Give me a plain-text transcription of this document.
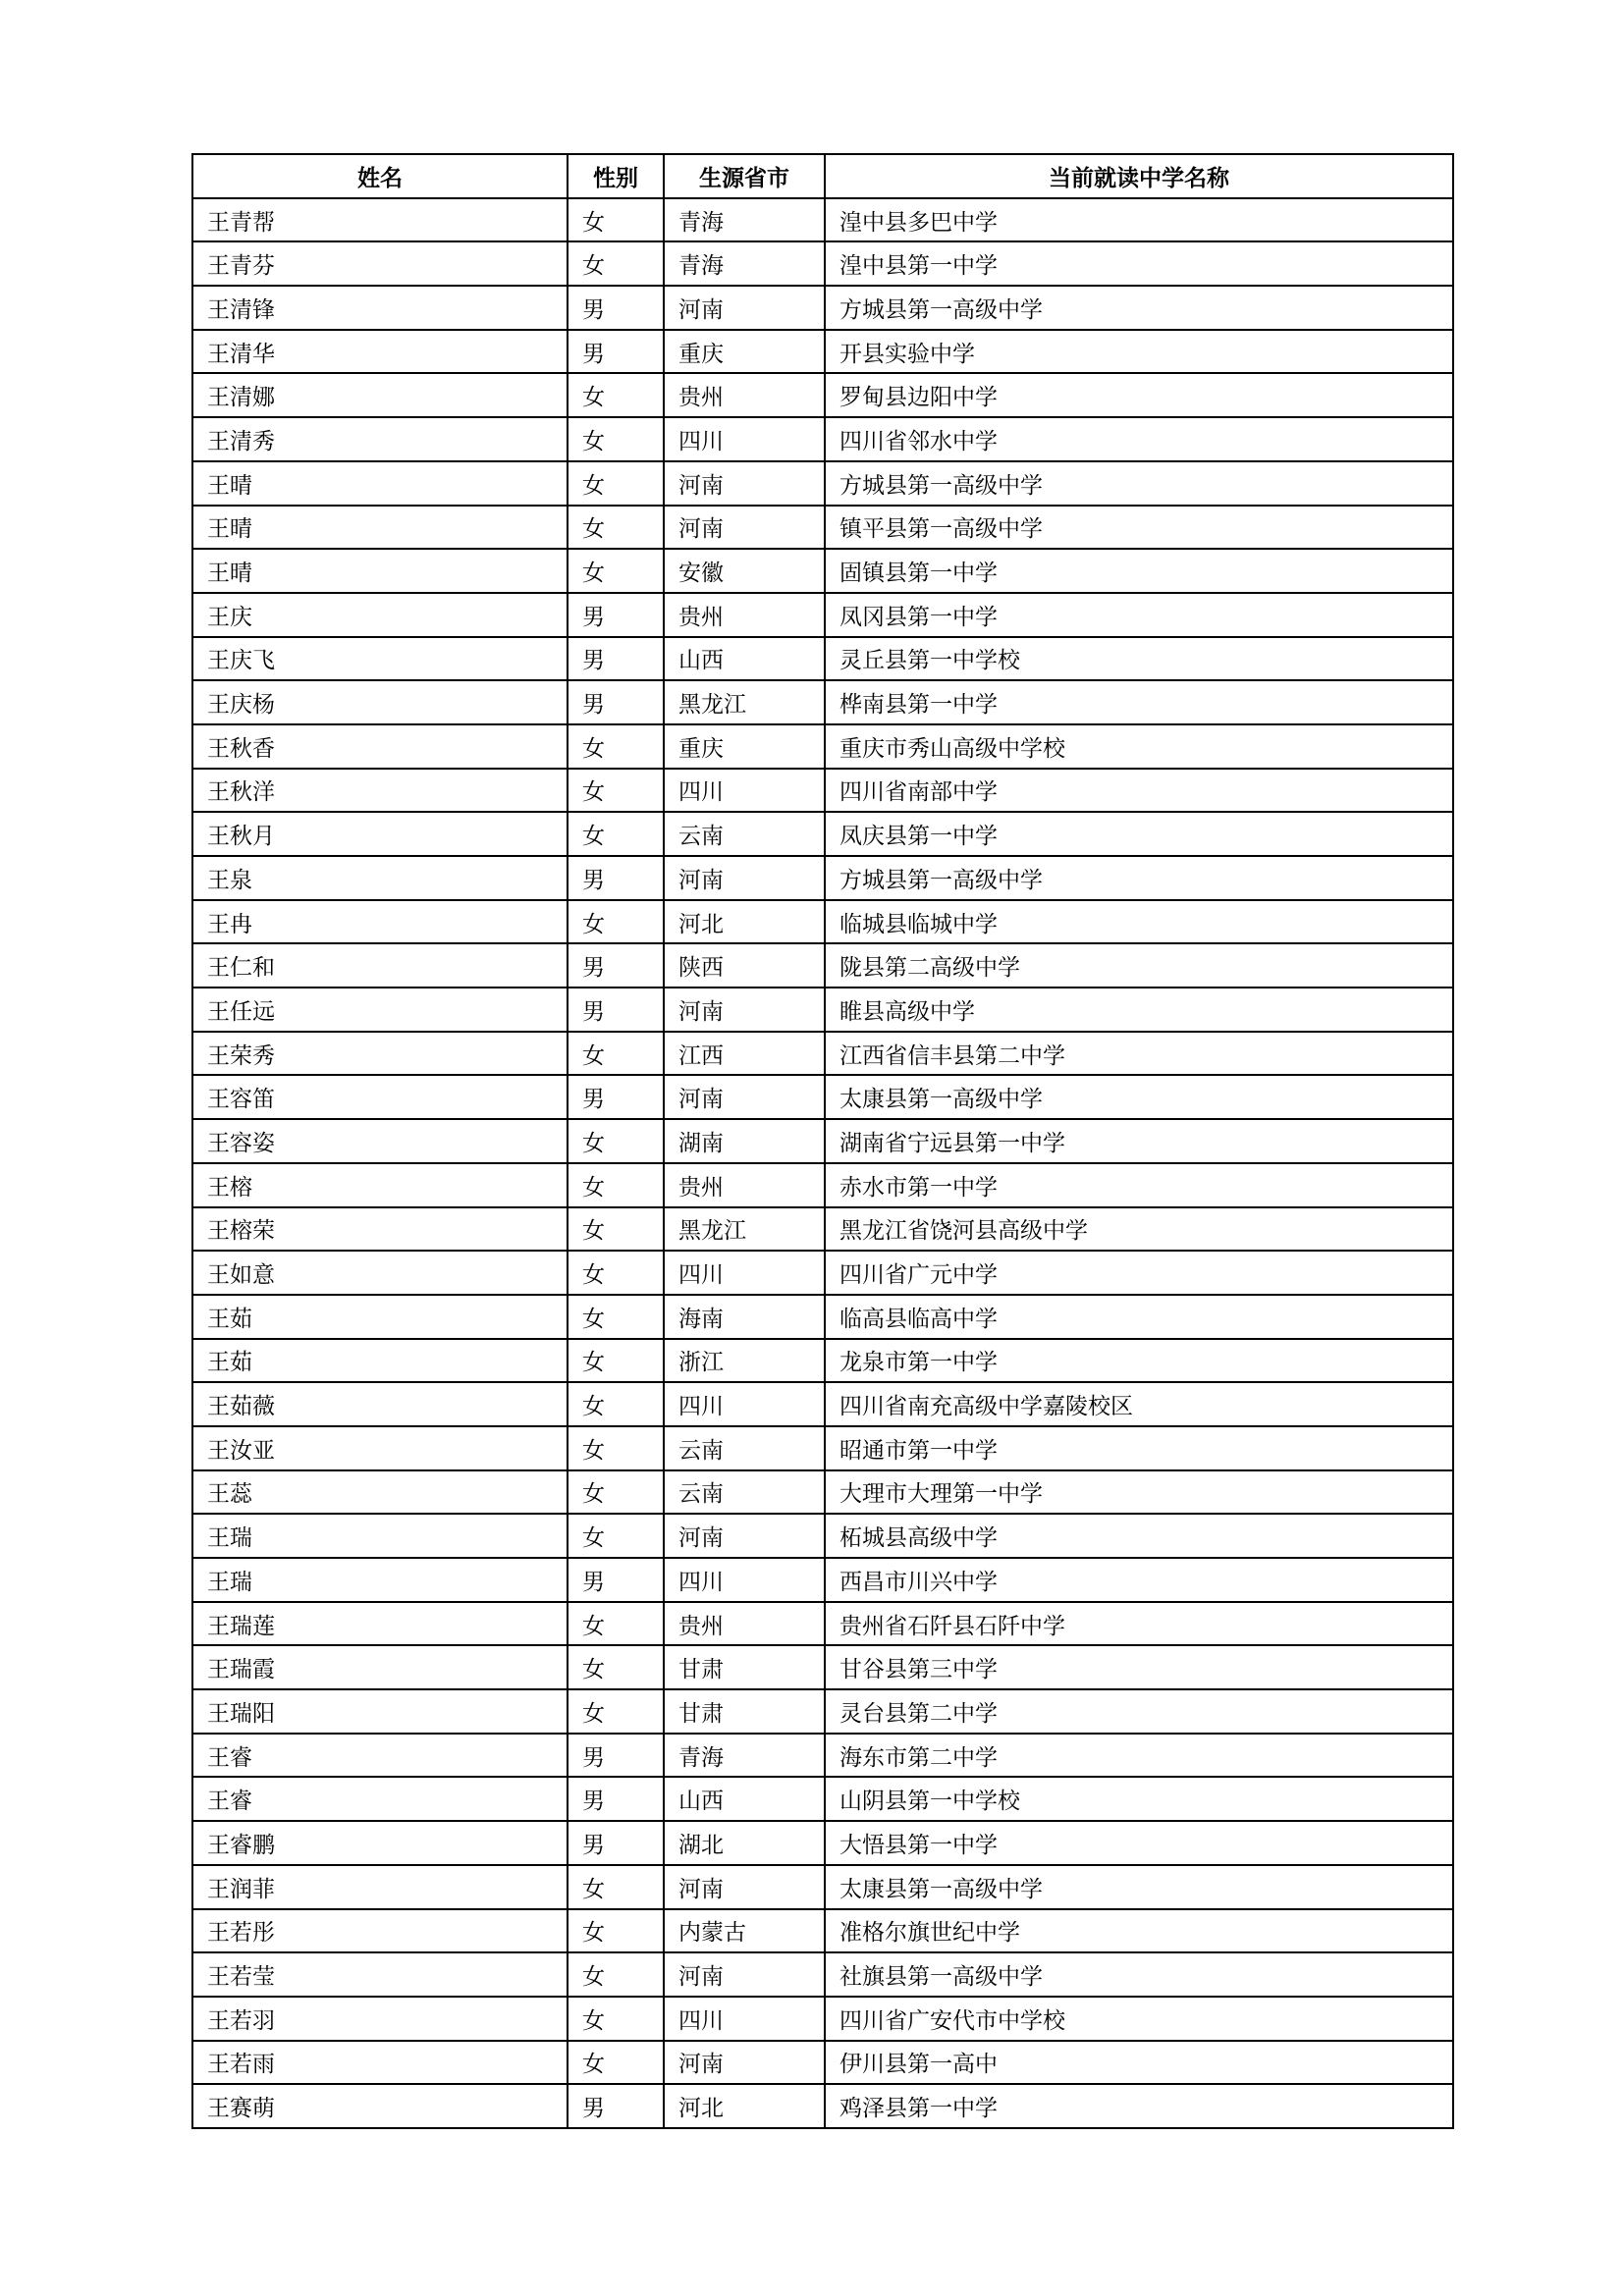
姓名	性别	生源省市	当前就读中学名称
王青帮	女	青海	湟中县多巴中学
王青芬	女	青海	湟中县第一中学
王清锋	男	河南	方城县第一高级中学
王清华	男	重庆	开县实验中学
王清娜	女	贵州	罗甸县边阳中学
王清秀	女	四川	四川省邻水中学
王晴	女	河南	方城县第一高级中学
王晴	女	河南	镇平县第一高级中学
王晴	女	安徽	固镇县第一中学
王庆	男	贵州	凤冈县第一中学
王庆飞	男	山西	灵丘县第一中学校
王庆杨	男	黑龙江	桦南县第一中学
王秋香	女	重庆	重庆市秀山高级中学校
王秋洋	女	四川	四川省南部中学
王秋月	女	云南	凤庆县第一中学
王泉	男	河南	方城县第一高级中学
王冉	女	河北	临城县临城中学
王仁和	男	陕西	陇县第二高级中学
王任远	男	河南	睢县高级中学
王荣秀	女	江西	江西省信丰县第二中学
王容笛	男	河南	太康县第一高级中学
王容姿	女	湖南	湖南省宁远县第一中学
王榕	女	贵州	赤水市第一中学
王榕荣	女	黑龙江	黑龙江省饶河县高级中学
王如意	女	四川	四川省广元中学
王茹	女	海南	临高县临高中学
王茹	女	浙江	龙泉市第一中学
王茹薇	女	四川	四川省南充高级中学嘉陵校区
王汝亚	女	云南	昭通市第一中学
王蕊	女	云南	大理市大理第一中学
王瑞	女	河南	柘城县高级中学
王瑞	男	四川	西昌市川兴中学
王瑞莲	女	贵州	贵州省石阡县石阡中学
王瑞霞	女	甘肃	甘谷县第三中学
王瑞阳	女	甘肃	灵台县第二中学
王睿	男	青海	海东市第二中学
王睿	男	山西	山阴县第一中学校
王睿鹏	男	湖北	大悟县第一中学
王润菲	女	河南	太康县第一高级中学
王若彤	女	内蒙古	准格尔旗世纪中学
王若莹	女	河南	社旗县第一高级中学
王若羽	女	四川	四川省广安代市中学校
王若雨	女	河南	伊川县第一高中
王赛萌	男	河北	鸡泽县第一中学
